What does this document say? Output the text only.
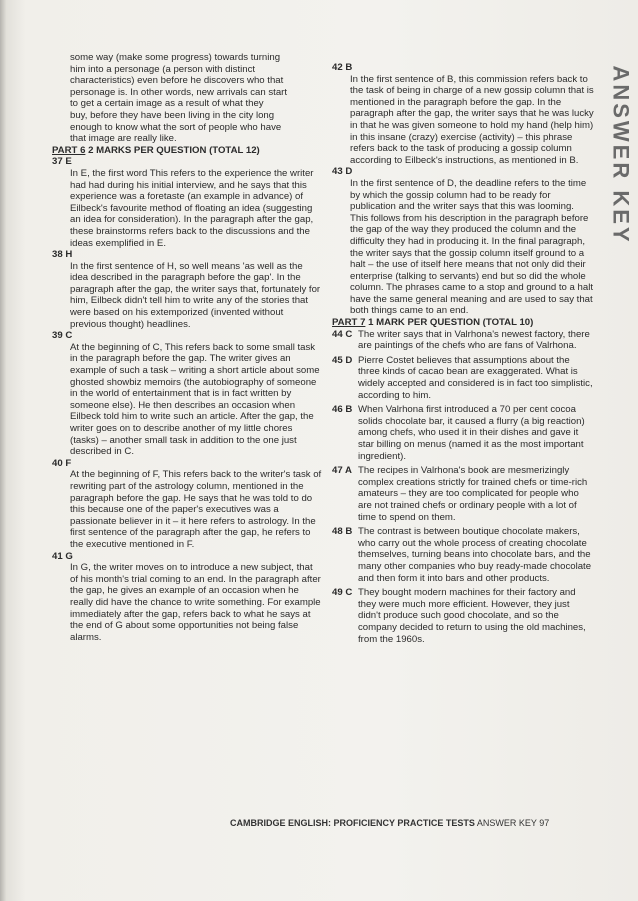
some way (make some progress) towards turning

him into a personage (a person with distinct

characteristics) even before he discovers who that

personage is. In other words, new arrivals can start

to get a certain image as a result of what they

buy, before they have been living in the city long

enough to know what the sort of people who have

that image are really like.

PART 6 2 MARKS PER QUESTION (TOTAL 12)

37 E

In E, the first word This refers to the experience the writer had had during his initial interview, and he says that this experience was a foretaste (an example in advance) of Eilbeck's favourite method of floating an idea (suggesting an idea for consideration). In the paragraph after the gap, these brainstorms refers back to the discussions and the ideas exemplified in E.

38 H

In the first sentence of H, so well means 'as well as the idea described in the paragraph before the gap'. In the paragraph after the gap, the writer says that, fortunately for him, Eilbeck didn't tell him to write any of the stories that were based on his extemporized (invented without previous thought) headlines.

39 C

At the beginning of C, This refers back to some small task in the paragraph before the gap. The writer gives an example of such a task – writing a short article about some ghosted showbiz memoirs (the autobiography of someone in the world of entertainment that is in fact written by someone else). He then describes an occasion when Eilbeck told him to write such an article. After the gap, the writer goes on to describe another of my little chores (tasks) – another small task in addition to the one just described in C.

40 F

At the beginning of F, This refers back to the writer's task of rewriting part of the astrology column, mentioned in the paragraph before the gap. He says that he was told to do this because one of the paper's executives was a passionate believer in it – it here refers to astrology. In the first sentence of the paragraph after the gap, he refers to the executive mentioned in F.

41 G

In G, the writer moves on to introduce a new subject, that of his month's trial coming to an end. In the paragraph after the gap, he gives an example of an occasion when he really did have the chance to write something. For example immediately after the gap, refers back to what he says at the end of G about some opportunities not being false alarms.

42 B

In the first sentence of B, this commission refers back to the task of being in charge of a new gossip column that is mentioned in the paragraph before the gap. In the paragraph after the gap, the writer says that he was lucky in that he was given someone to hold my hand (help him) in this insane (crazy) exercise (activity) – this phrase refers back to the task of producing a gossip column according to Eilbeck's instructions, as mentioned in B.

43 D

In the first sentence of D, the deadline refers to the time by which the gossip column had to be ready for publication and the writer says that this was looming. This follows from his description in the paragraph before the gap of the way they produced the column and the difficulty they had in producing it. In the final paragraph, the writer says that the gossip column itself ground to a halt – the use of itself here means that not only did their enterprise (talking to servants) end but so did the whole column. The phrases came to a stop and ground to a halt have the same general meaning and are used to say that both things came to an end.

PART 7 1 MARK PER QUESTION (TOTAL 10)

44 C The writer says that in Valrhona's newest factory, there are paintings of the chefs who are fans of Valrhona.
45 D Pierre Costet believes that assumptions about the three kinds of cacao bean are exaggerated. What is widely accepted and considered is in fact too simplistic, according to him.
46 B When Valrhona first introduced a 70 per cent cocoa solids chocolate bar, it caused a flurry (a big reaction) among chefs, who used it in their dishes and gave it star billing on menus (named it as the most important ingredient).
47 A The recipes in Valrhona's book are mesmerizingly complex creations strictly for trained chefs or time-rich amateurs – they are too complicated for people who are not trained chefs or ordinary people with a lot of time to spend on them.
48 B The contrast is between boutique chocolate makers, who carry out the whole process of creating chocolate themselves, turning beans into chocolate bars, and the many other companies who buy ready-made chocolate and then form it into bars and other products.
49 C They bought modern machines for their factory and they were much more efficient. However, they just didn't produce such good chocolate, and so the company decided to return to using the old machines, from the 1960s.
ANSWER KEY
CAMBRIDGE ENGLISH: PROFICIENCY PRACTICE TESTS ANSWER KEY 97
